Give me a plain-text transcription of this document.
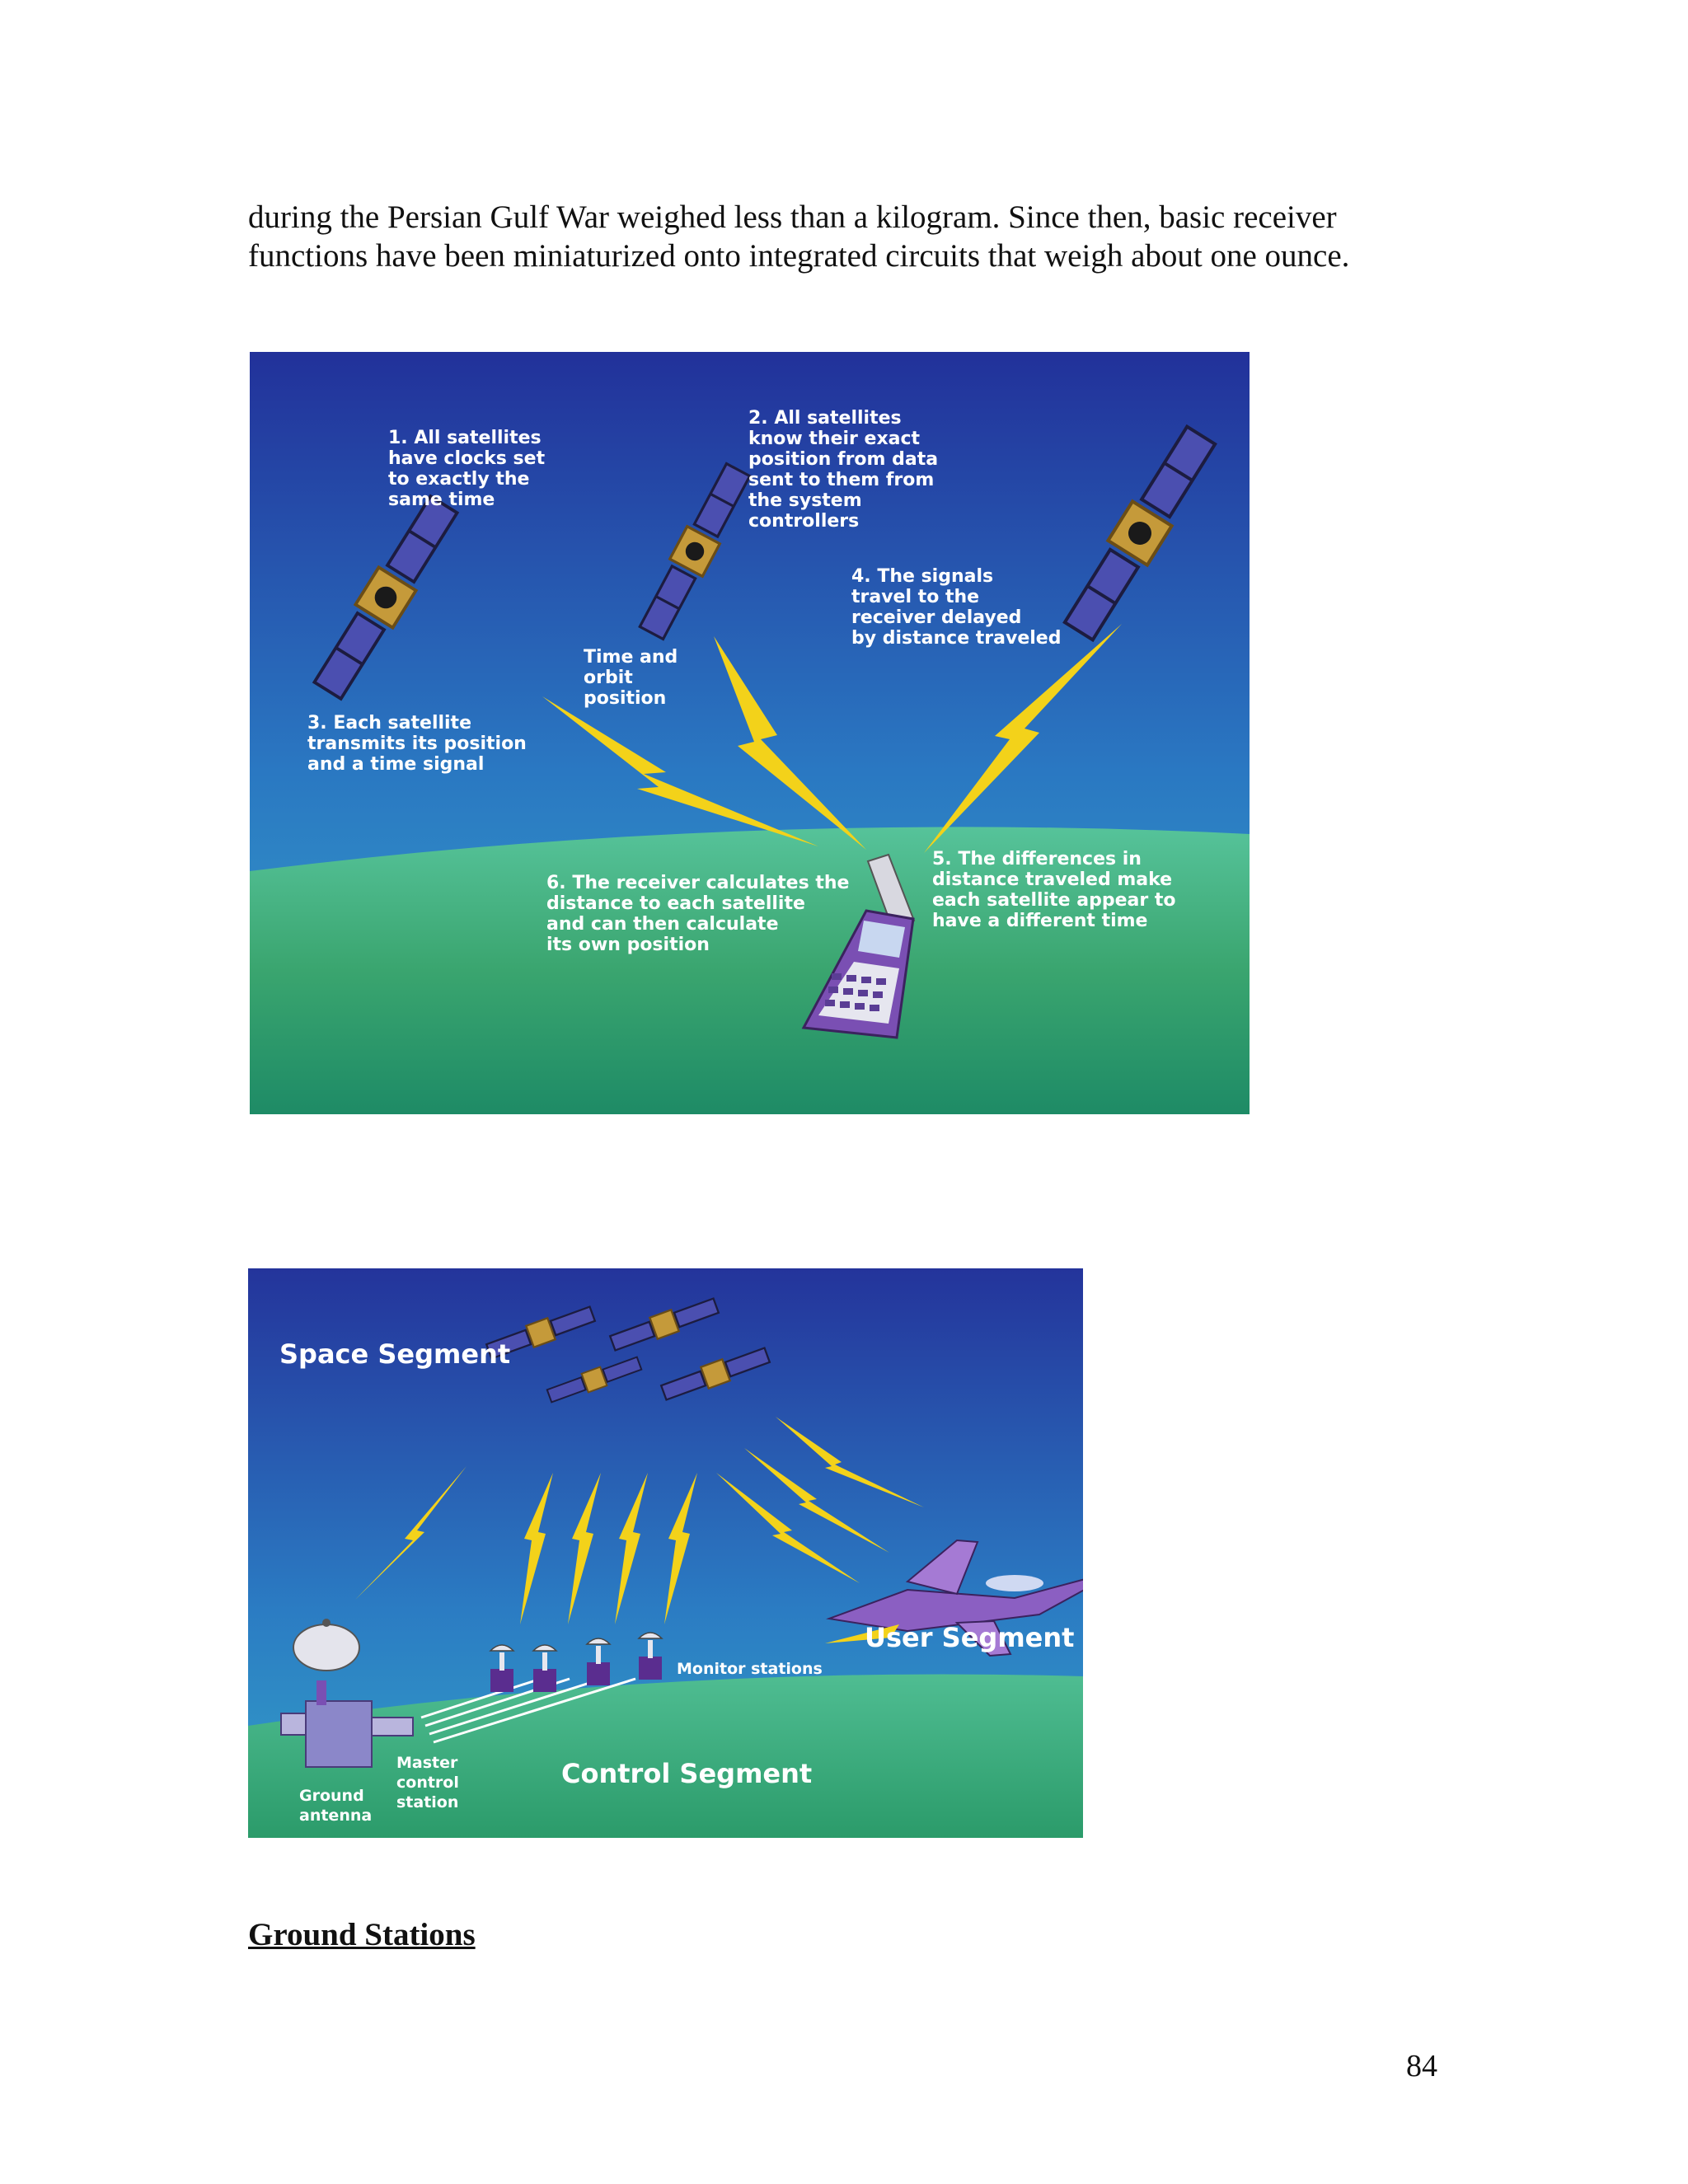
during the Persian Gulf War weighed less than a kilogram. Since then, basic receiver
functions have been miniaturized onto integrated circuits that weigh about one ounce.

1. All satellites
have clocks set
to exactly the
same time

2. All satellites
know their exact
position from data
sent to them from
the system
controllers

3. Each satellite
transmits its position
and a time signal

4. The signals
travel to the
receiver delayed
by distance traveled

5. The differences in
distance traveled make
each satellite appear to
have a different time

6. The receiver calculates the
distance to each satellite
and can then calculate
its own position

Time and
orbit
position

Space Segment

User Segment

Control Segment

Monitor stations

Master
control
station

Ground
antenna

Ground Stations

84
